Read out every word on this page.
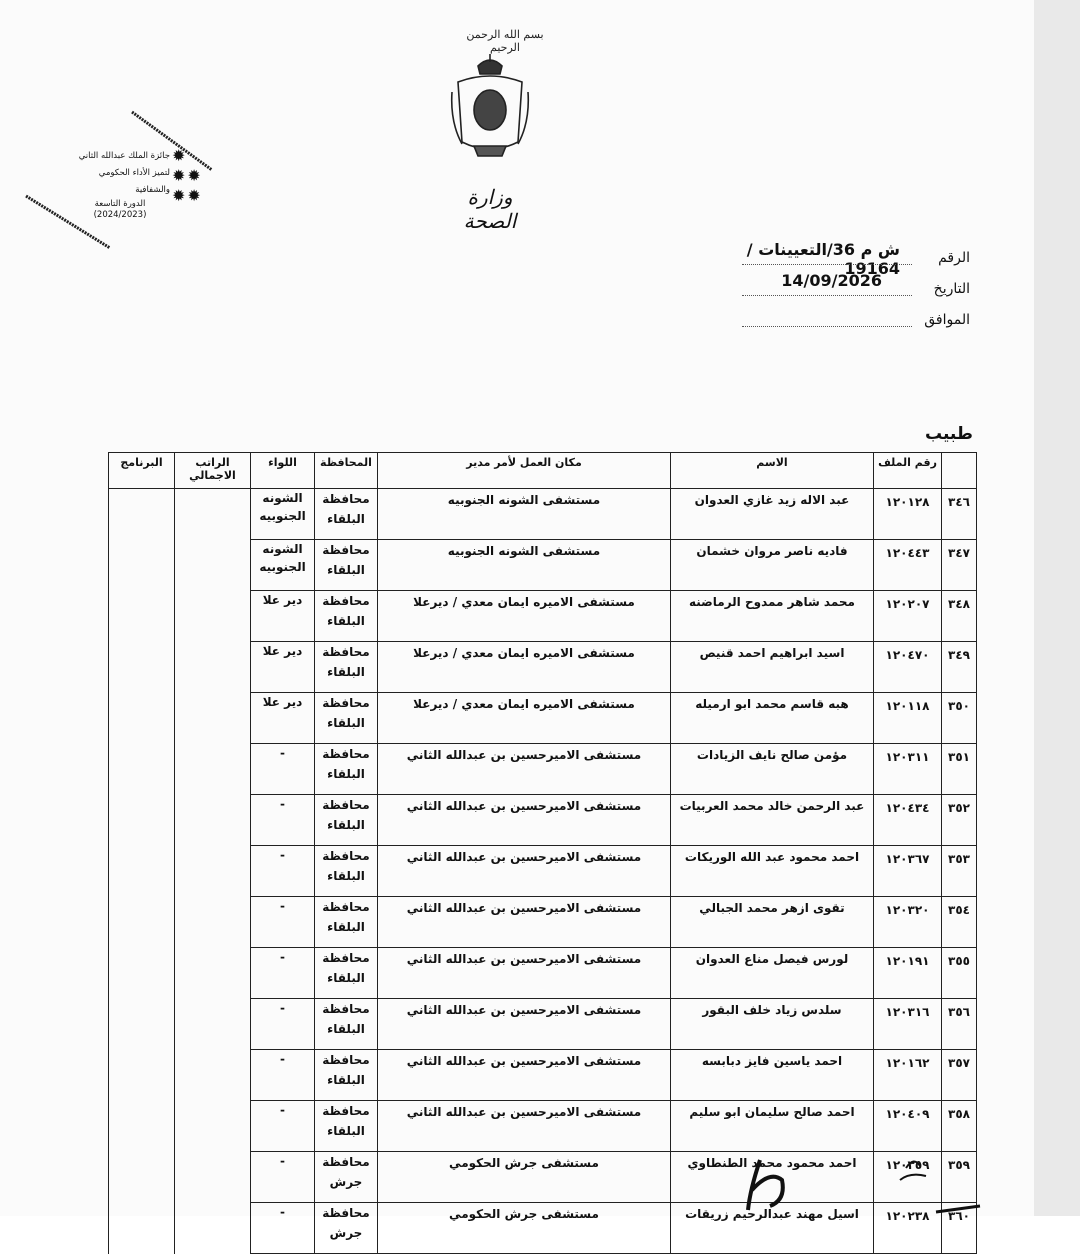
بسم الله الرحمن الرحيم
وزارة الصحة
جائزة الملك عبدالله الثاني
لتميز الأداء الحكومي والشفافية
الدورة التاسعة
(2024/2023)
✹
✹✹
✹✹
الرقم
ش م 36/التعيينات / 19164
التاريخ
14/09/2026
الموافق
طبيب
	رقم الملف	الاسم	مكان العمل لأمر مدير	المحافظة	اللواء	الراتب الاجمالي	البرنامج
٣٤٦	١٢٠١٢٨	عبد الاله زيد غازي العدوان	مستشفى الشونه الجنوبيه	محافظة البلقاء	الشونه الجنوبيه		
٣٤٧	١٢٠٤٤٣	فاديه ناصر مروان خشمان	مستشفى الشونه الجنوبيه	محافظة البلقاء	الشونه الجنوبيه		
٣٤٨	١٢٠٢٠٧	محمد شاهر ممدوح الرماضنه	مستشفى الاميره ايمان معدي / ديرعلا	محافظة البلقاء	دير علا		
٣٤٩	١٢٠٤٧٠	اسيد ابراهيم احمد قنيص	مستشفى الاميره ايمان معدي / ديرعلا	محافظة البلقاء	دير علا		
٣٥٠	١٢٠١١٨	هبه قاسم محمد ابو ارميله	مستشفى الاميره ايمان معدي / ديرعلا	محافظة البلقاء	دير علا		
٣٥١	١٢٠٣١١	مؤمن صالح نايف الزيادات	مستشفى الاميرحسين بن عبدالله الثاني	محافظة البلقاء	-		
٣٥٢	١٢٠٤٣٤	عبد الرحمن خالد محمد العربيات	مستشفى الاميرحسين بن عبدالله الثاني	محافظة البلقاء	-		
٣٥٣	١٢٠٣٦٧	احمد محمود عبد الله الوريكات	مستشفى الاميرحسين بن عبدالله الثاني	محافظة البلقاء	-		
٣٥٤	١٢٠٣٢٠	تقوى ازهر محمد الجبالي	مستشفى الاميرحسين بن عبدالله الثاني	محافظة البلقاء	-		
٣٥٥	١٢٠١٩١	لورس فيصل مناع العدوان	مستشفى الاميرحسين بن عبدالله الثاني	محافظة البلقاء	-		
٣٥٦	١٢٠٣١٦	سلدس زياد خلف البقور	مستشفى الاميرحسين بن عبدالله الثاني	محافظة البلقاء	-		
٣٥٧	١٢٠١٦٢	احمد ياسين فايز دبابسه	مستشفى الاميرحسين بن عبدالله الثاني	محافظة البلقاء	-		
٣٥٨	١٢٠٤٠٩	احمد صالح سليمان ابو سليم	مستشفى الاميرحسين بن عبدالله الثاني	محافظة البلقاء	-		
٣٥٩	١٢٠٣٥٩	احمد محمود محمد الطنطاوي	مستشفى جرش الحكومي	محافظة جرش	-		
٣٦٠	١٢٠٢٣٨	اسيل مهند عبدالرحيم زريقات	مستشفى جرش الحكومي	محافظة جرش	-		
